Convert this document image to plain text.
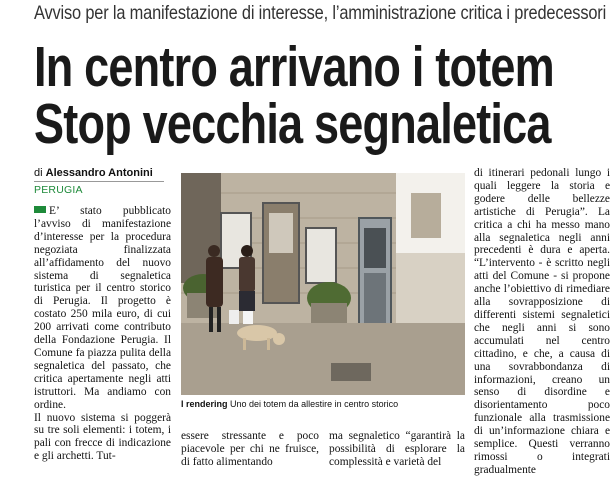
Avviso per la manifestazione di interesse, l’amministrazione critica i predecessori
In centro arrivano i totem
Stop vecchia segnaletica
di Alessandro Antonini
PERUGIA

E’ stato pubblicato l’avviso di manifestazione d’interesse per la procedura negoziata finalizzata all’affidamento del nuovo sistema di segnaletica turistica per il centro storico di Perugia. Il progetto è costato 250 mila euro, di cui 200 arrivati come contributo della Fondazione Perugia. Il Comune fa piazza pulita della segnaletica del passato, che critica apertamente negli atti istruttori. Ma andiamo con ordine.

Il nuovo sistema si poggerà su tre soli elementi: i totem, i pali con frecce di indicazione e gli archetti. Tut-

I rendering Uno dei totem da allestire in centro storico
essere stressante e poco piacevole per chi ne fruisce, di fatto alimentando
ma segnaletico “garantirà la possibilità di esplorare la complessità e varietà del
di itinerari pedonali lungo i quali leggere la storia e godere delle bellezze artistiche di Perugia”. La critica a chi ha messo mano alla segnaletica negli anni precedenti è dura e aperta. “L’intervento - è scritto negli atti del Comune - si propone anche l’obiettivo di rimediare alla sovrapposizione di differenti sistemi segnaletici che negli anni si sono accumulati nel centro cittadino, e che, a causa di una sovrabbondanza di informazioni, creano un senso di disordine e disorientamento poco funzionale alla trasmissione di un’informazione chiara e semplice. Questi verranno rimossi o integrati gradualmente
